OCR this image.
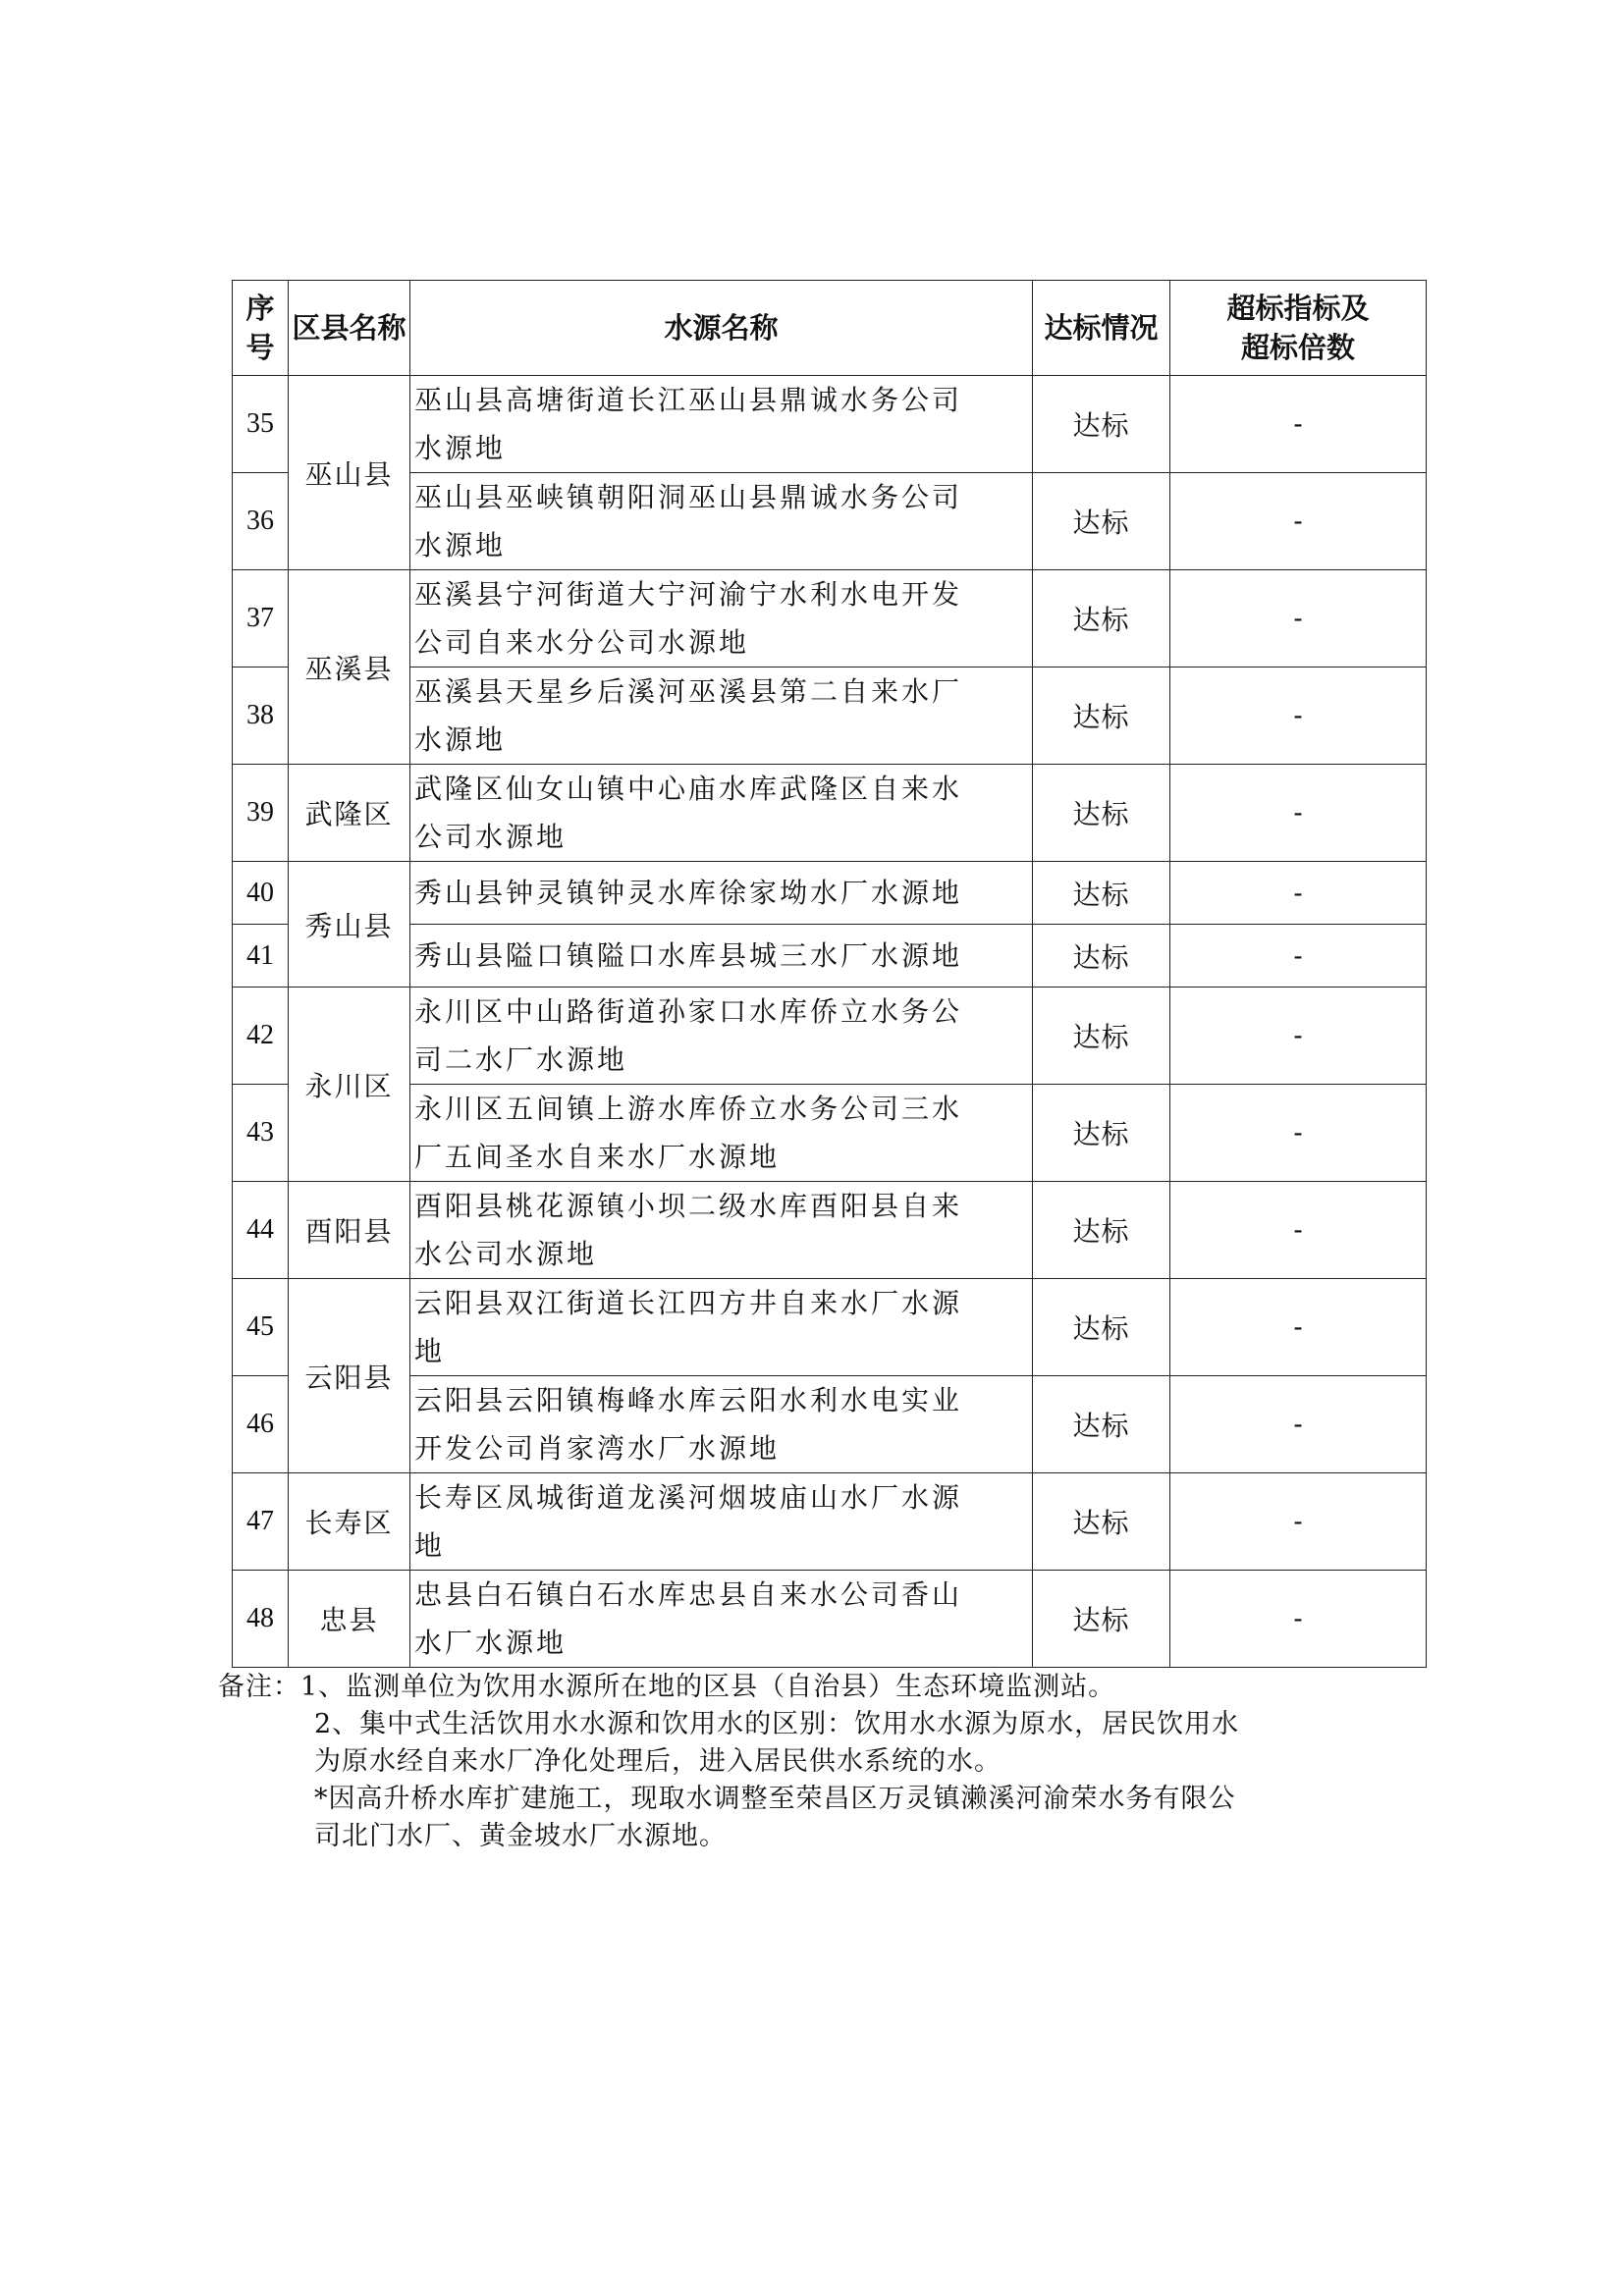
序号	区县名称	水源名称	达标情况	超标指标及
超标倍数

35	巫山县	巫山县高塘街道长江巫山县鼎诚水务公司
水源地	达标	-
36		巫山县巫峡镇朝阳洞巫山县鼎诚水务公司
水源地	达标	-
37	巫溪县	巫溪县宁河街道大宁河渝宁水利水电开发
公司自来水分公司水源地	达标	-
38		巫溪县天星乡后溪河巫溪县第二自来水厂
水源地	达标	-
39	武隆区	武隆区仙女山镇中心庙水库武隆区自来水
公司水源地	达标	-
40	秀山县	秀山县钟灵镇钟灵水库徐家坳水厂水源地	达标	-
41		秀山县隘口镇隘口水库县城三水厂水源地	达标	-
42	永川区	永川区中山路街道孙家口水库侨立水务公
司二水厂水源地	达标	-
43		永川区五间镇上游水库侨立水务公司三水
厂五间圣水自来水厂水源地	达标	-
44	酉阳县	酉阳县桃花源镇小坝二级水库酉阳县自来
水公司水源地	达标	-
45	云阳县	云阳县双江街道长江四方井自来水厂水源
地	达标	-
46		云阳县云阳镇梅峰水库云阳水利水电实业
开发公司肖家湾水厂水源地	达标	-
47	长寿区	长寿区凤城街道龙溪河烟坡庙山水厂水源
地	达标	-
48	忠县	忠县白石镇白石水库忠县自来水公司香山
水厂水源地	达标	-
备注：1、监测单位为饮用水源所在地的区县（自治县）生态环境监测站。
2、集中式生活饮用水水源和饮用水的区别：饮用水水源为原水，居民饮用水
为原水经自来水厂净化处理后，进入居民供水系统的水。
*因高升桥水库扩建施工，现取水调整至荣昌区万灵镇濑溪河渝荣水务有限公
司北门水厂、黄金坡水厂水源地。
